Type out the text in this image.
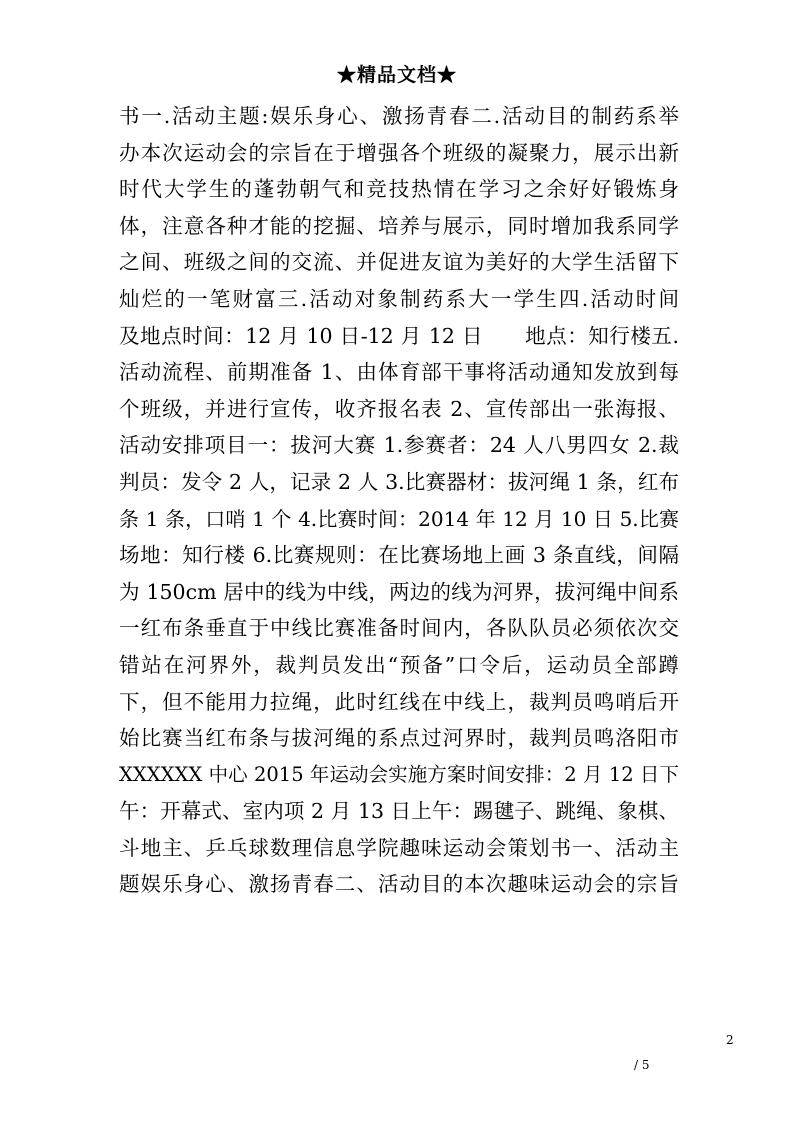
★精品文档★
书一.活动主题:娱乐身心、激扬青春二.活动目的制药系举
办本次运动会的宗旨在于增强各个班级的凝聚力，展示出新
时代大学生的蓬勃朝气和竞技热情在学习之余好好锻炼身
体，注意各种才能的挖掘、培养与展示，同时增加我系同学
之间、班级之间的交流、并促进友谊为美好的大学生活留下
灿烂的一笔财富三.活动对象制药系大一学生四.活动时间
及地点时间：12 月 10 日-12 月 12 日　　地点：知行楼五.
活动流程、前期准备 1、由体育部干事将活动通知发放到每
个班级，并进行宣传，收齐报名表 2、宣传部出一张海报、
活动安排项目一：拔河大赛 1.参赛者：24 人八男四女 2.裁
判员：发令 2 人，记录 2 人 3.比赛器材：拔河绳 1 条，红布
条 1 条，口哨 1 个 4.比赛时间：2014 年 12 月 10 日 5.比赛
场地：知行楼 6.比赛规则：在比赛场地上画 3 条直线，间隔
为 150cm 居中的线为中线，两边的线为河界，拔河绳中间系
一红布条垂直于中线比赛准备时间内，各队队员必须依次交
错站在河界外，裁判员发出“预备”口令后，运动员全部蹲
下，但不能用力拉绳，此时红线在中线上，裁判员鸣哨后开
始比赛当红布条与拔河绳的系点过河界时，裁判员鸣洛阳市
XXXXXX 中心 2015 年运动会实施方案时间安排：2 月 12 日下
午：开幕式、室内项 2 月 13 日上午：踢毽子、跳绳、象棋、
斗地主、乒乓球数理信息学院趣味运动会策划书一、活动主
题娱乐身心、激扬青春二、活动目的本次趣味运动会的宗旨
2
/ 5
